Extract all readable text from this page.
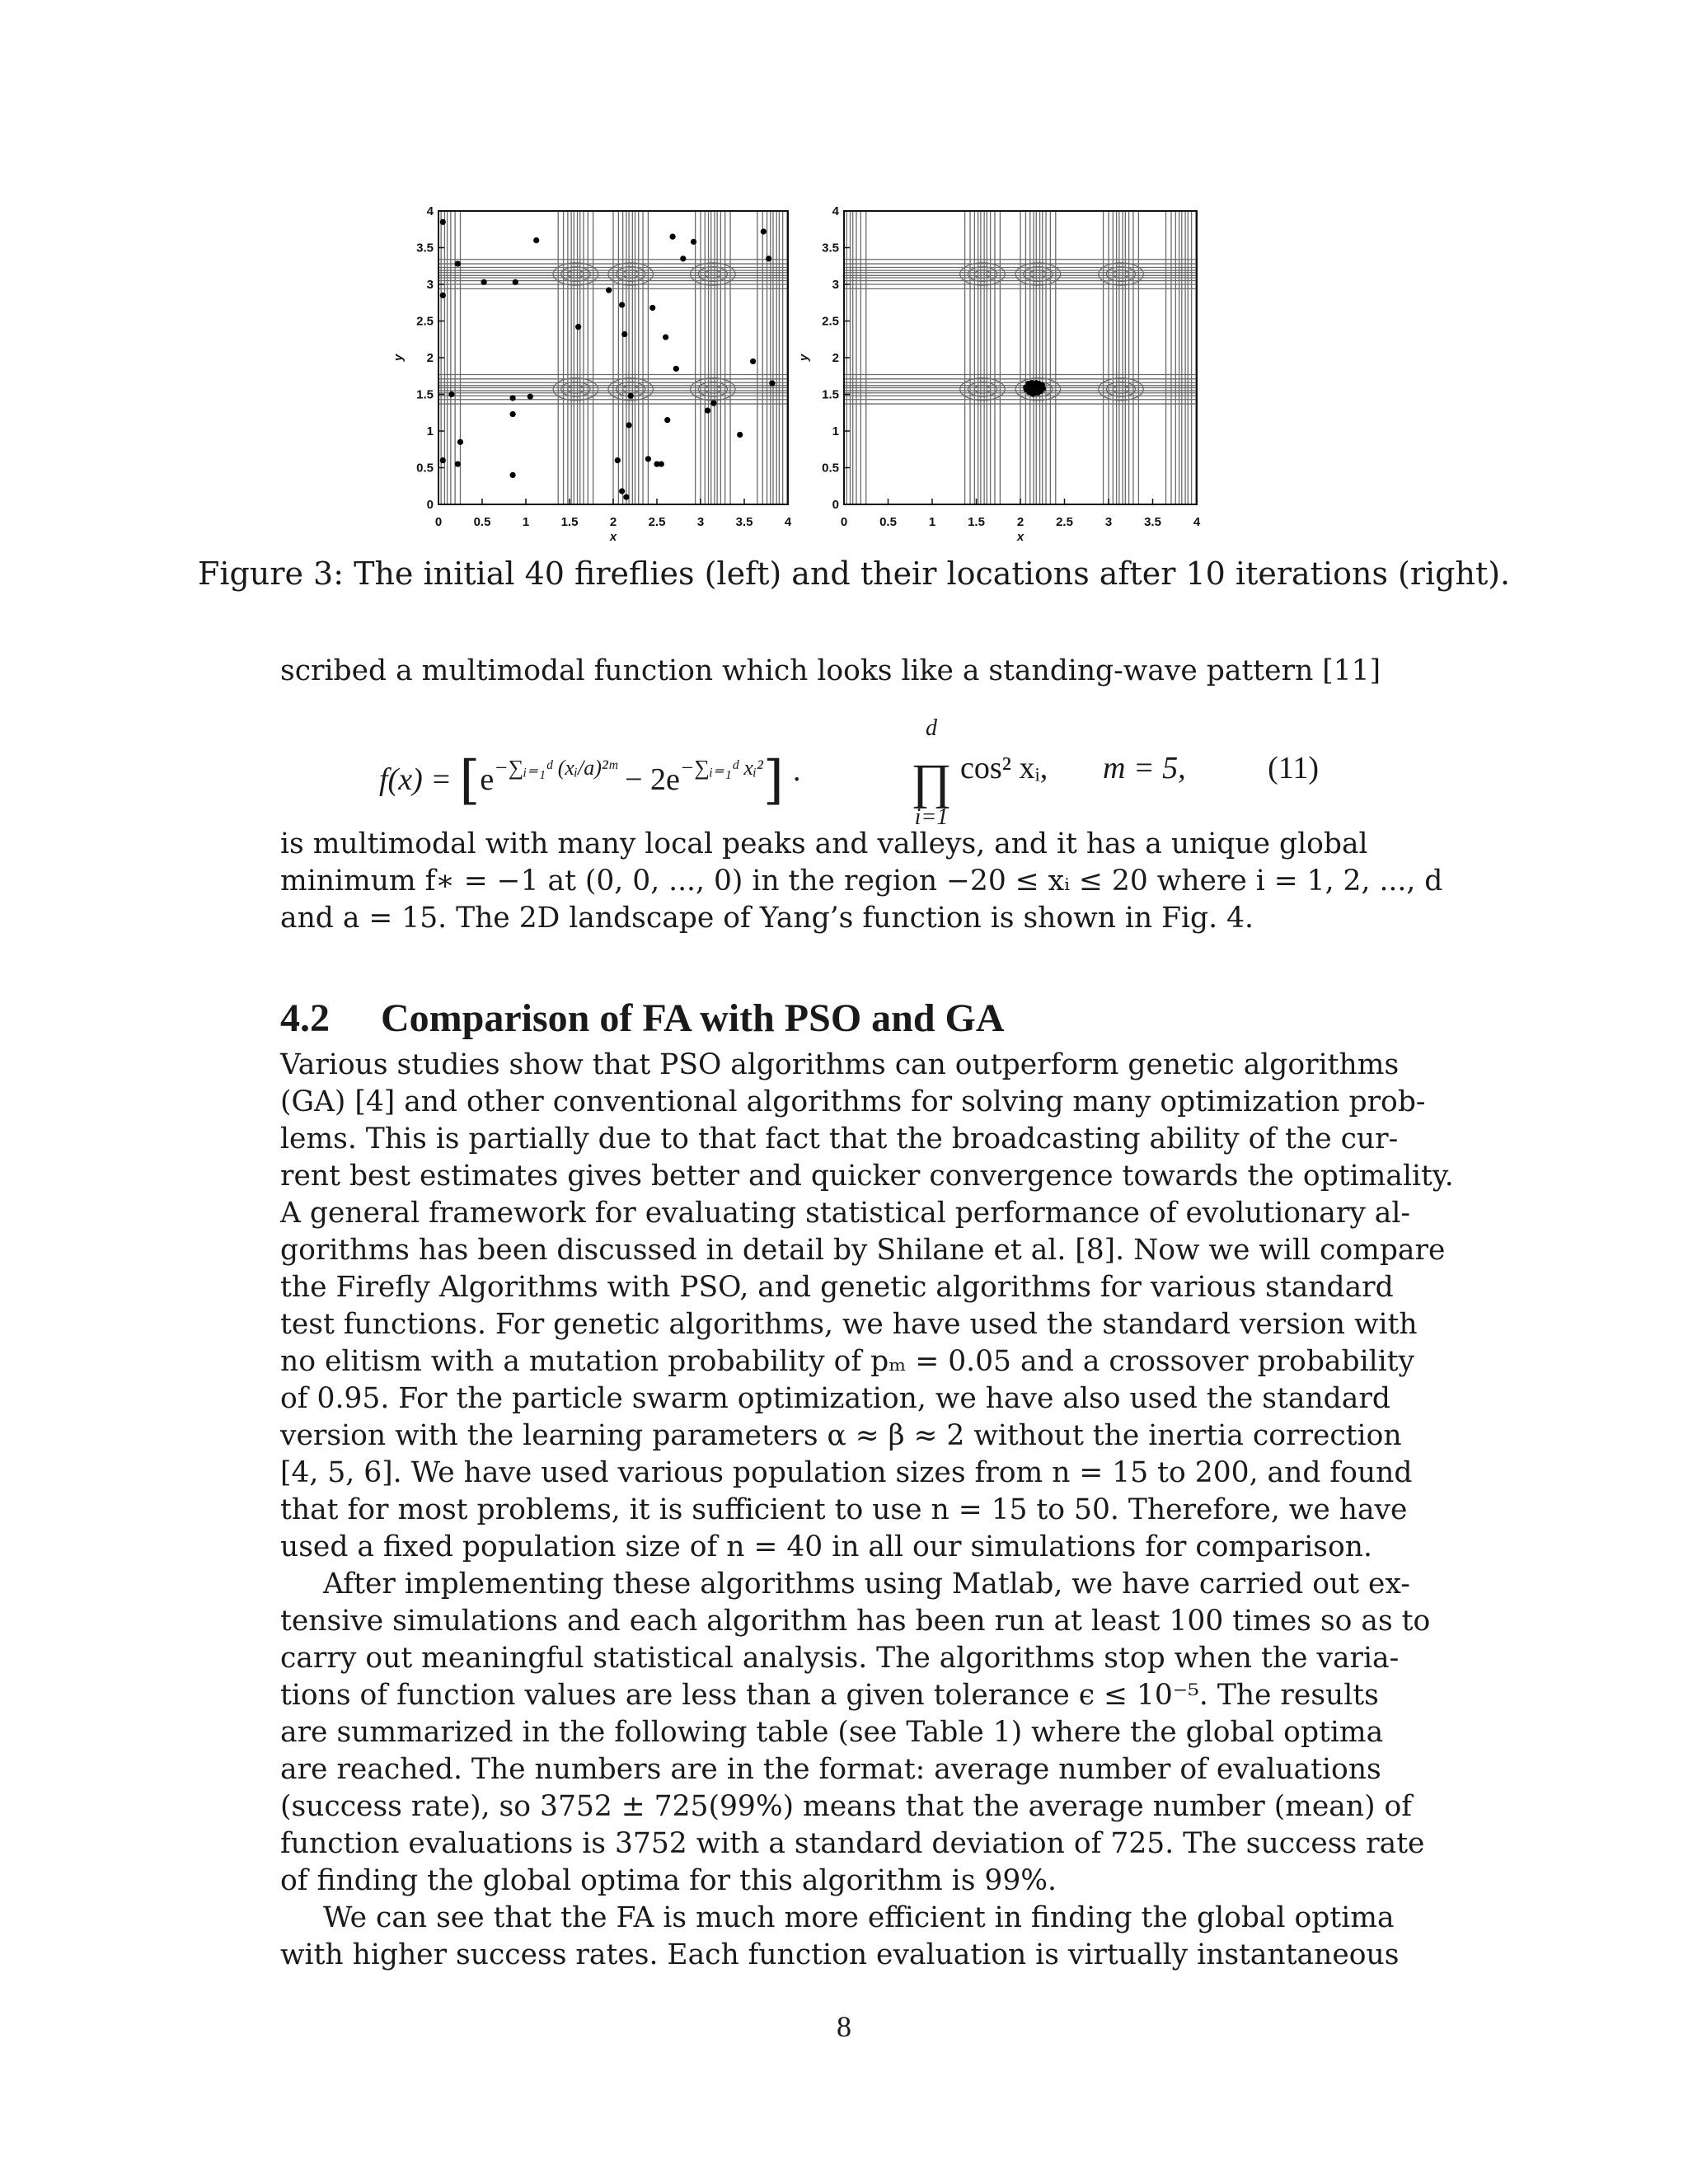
0	0.5	1	1.5	2	2.5	3	3.5	4
0
0.5
1
1.5
2
2.5
3
3.5
4
x
y
0	0.5	1	1.5	2	2.5	3	3.5	4
0
0.5
1
1.5
2
2.5
3
3.5
4
x
y
Figure 3: The initial 40 fireflies (left) and their locations after 10 iterations (right).
scribed a multimodal function which looks like a standing-wave pattern [11]
$f(x) = [e^{-\sum ᵢ_{=1}ᵈ (xᵢ/a)^2ᵐ} - 2e^{-\sum ᵢ_{=1}ᵈ xᵢ^2}]$ ·
d
∏
i=1
cos² xᵢ, m = 5,	(11)
is multimodal with many local peaks and valleys, and it has a unique global
minimum f∗ = −1 at (0, 0, ..., 0) in the region −20 ≤ xᵢ ≤ 20 where i = 1, 2, ..., d
and a = 15. The 2D landscape of Yang’s function is shown in Fig. 4.
4.2 Comparison of FA with PSO and GA
Various studies show that PSO algorithms can outperform genetic algorithms
(GA) [4] and other conventional algorithms for solving many optimization prob-
lems. This is partially due to that fact that the broadcasting ability of the cur-
rent best estimates gives better and quicker convergence towards the optimality.
A general framework for evaluating statistical performance of evolutionary al-
gorithms has been discussed in detail by Shilane et al. [8]. Now we will compare
the Firefly Algorithms with PSO, and genetic algorithms for various standard
test functions. For genetic algorithms, we have used the standard version with
no elitism with a mutation probability of pₘ = 0.05 and a crossover probability
of 0.95. For the particle swarm optimization, we have also used the standard
version with the learning parameters α ≈ β ≈ 2 without the inertia correction
[4, 5, 6]. We have used various population sizes from n = 15 to 200, and found
that for most problems, it is sufficient to use n = 15 to 50. Therefore, we have
used a fixed population size of n = 40 in all our simulations for comparison.
After implementing these algorithms using Matlab, we have carried out ex-
tensive simulations and each algorithm has been run at least 100 times so as to
carry out meaningful statistical analysis. The algorithms stop when the varia-
tions of function values are less than a given tolerance ϵ ≤ 10⁻⁵. The results
are summarized in the following table (see Table 1) where the global optima
are reached. The numbers are in the format: average number of evaluations
(success rate), so 3752 ± 725(99%) means that the average number (mean) of
function evaluations is 3752 with a standard deviation of 725. The success rate
of finding the global optima for this algorithm is 99%.
We can see that the FA is much more efficient in finding the global optima
with higher success rates. Each function evaluation is virtually instantaneous
8
